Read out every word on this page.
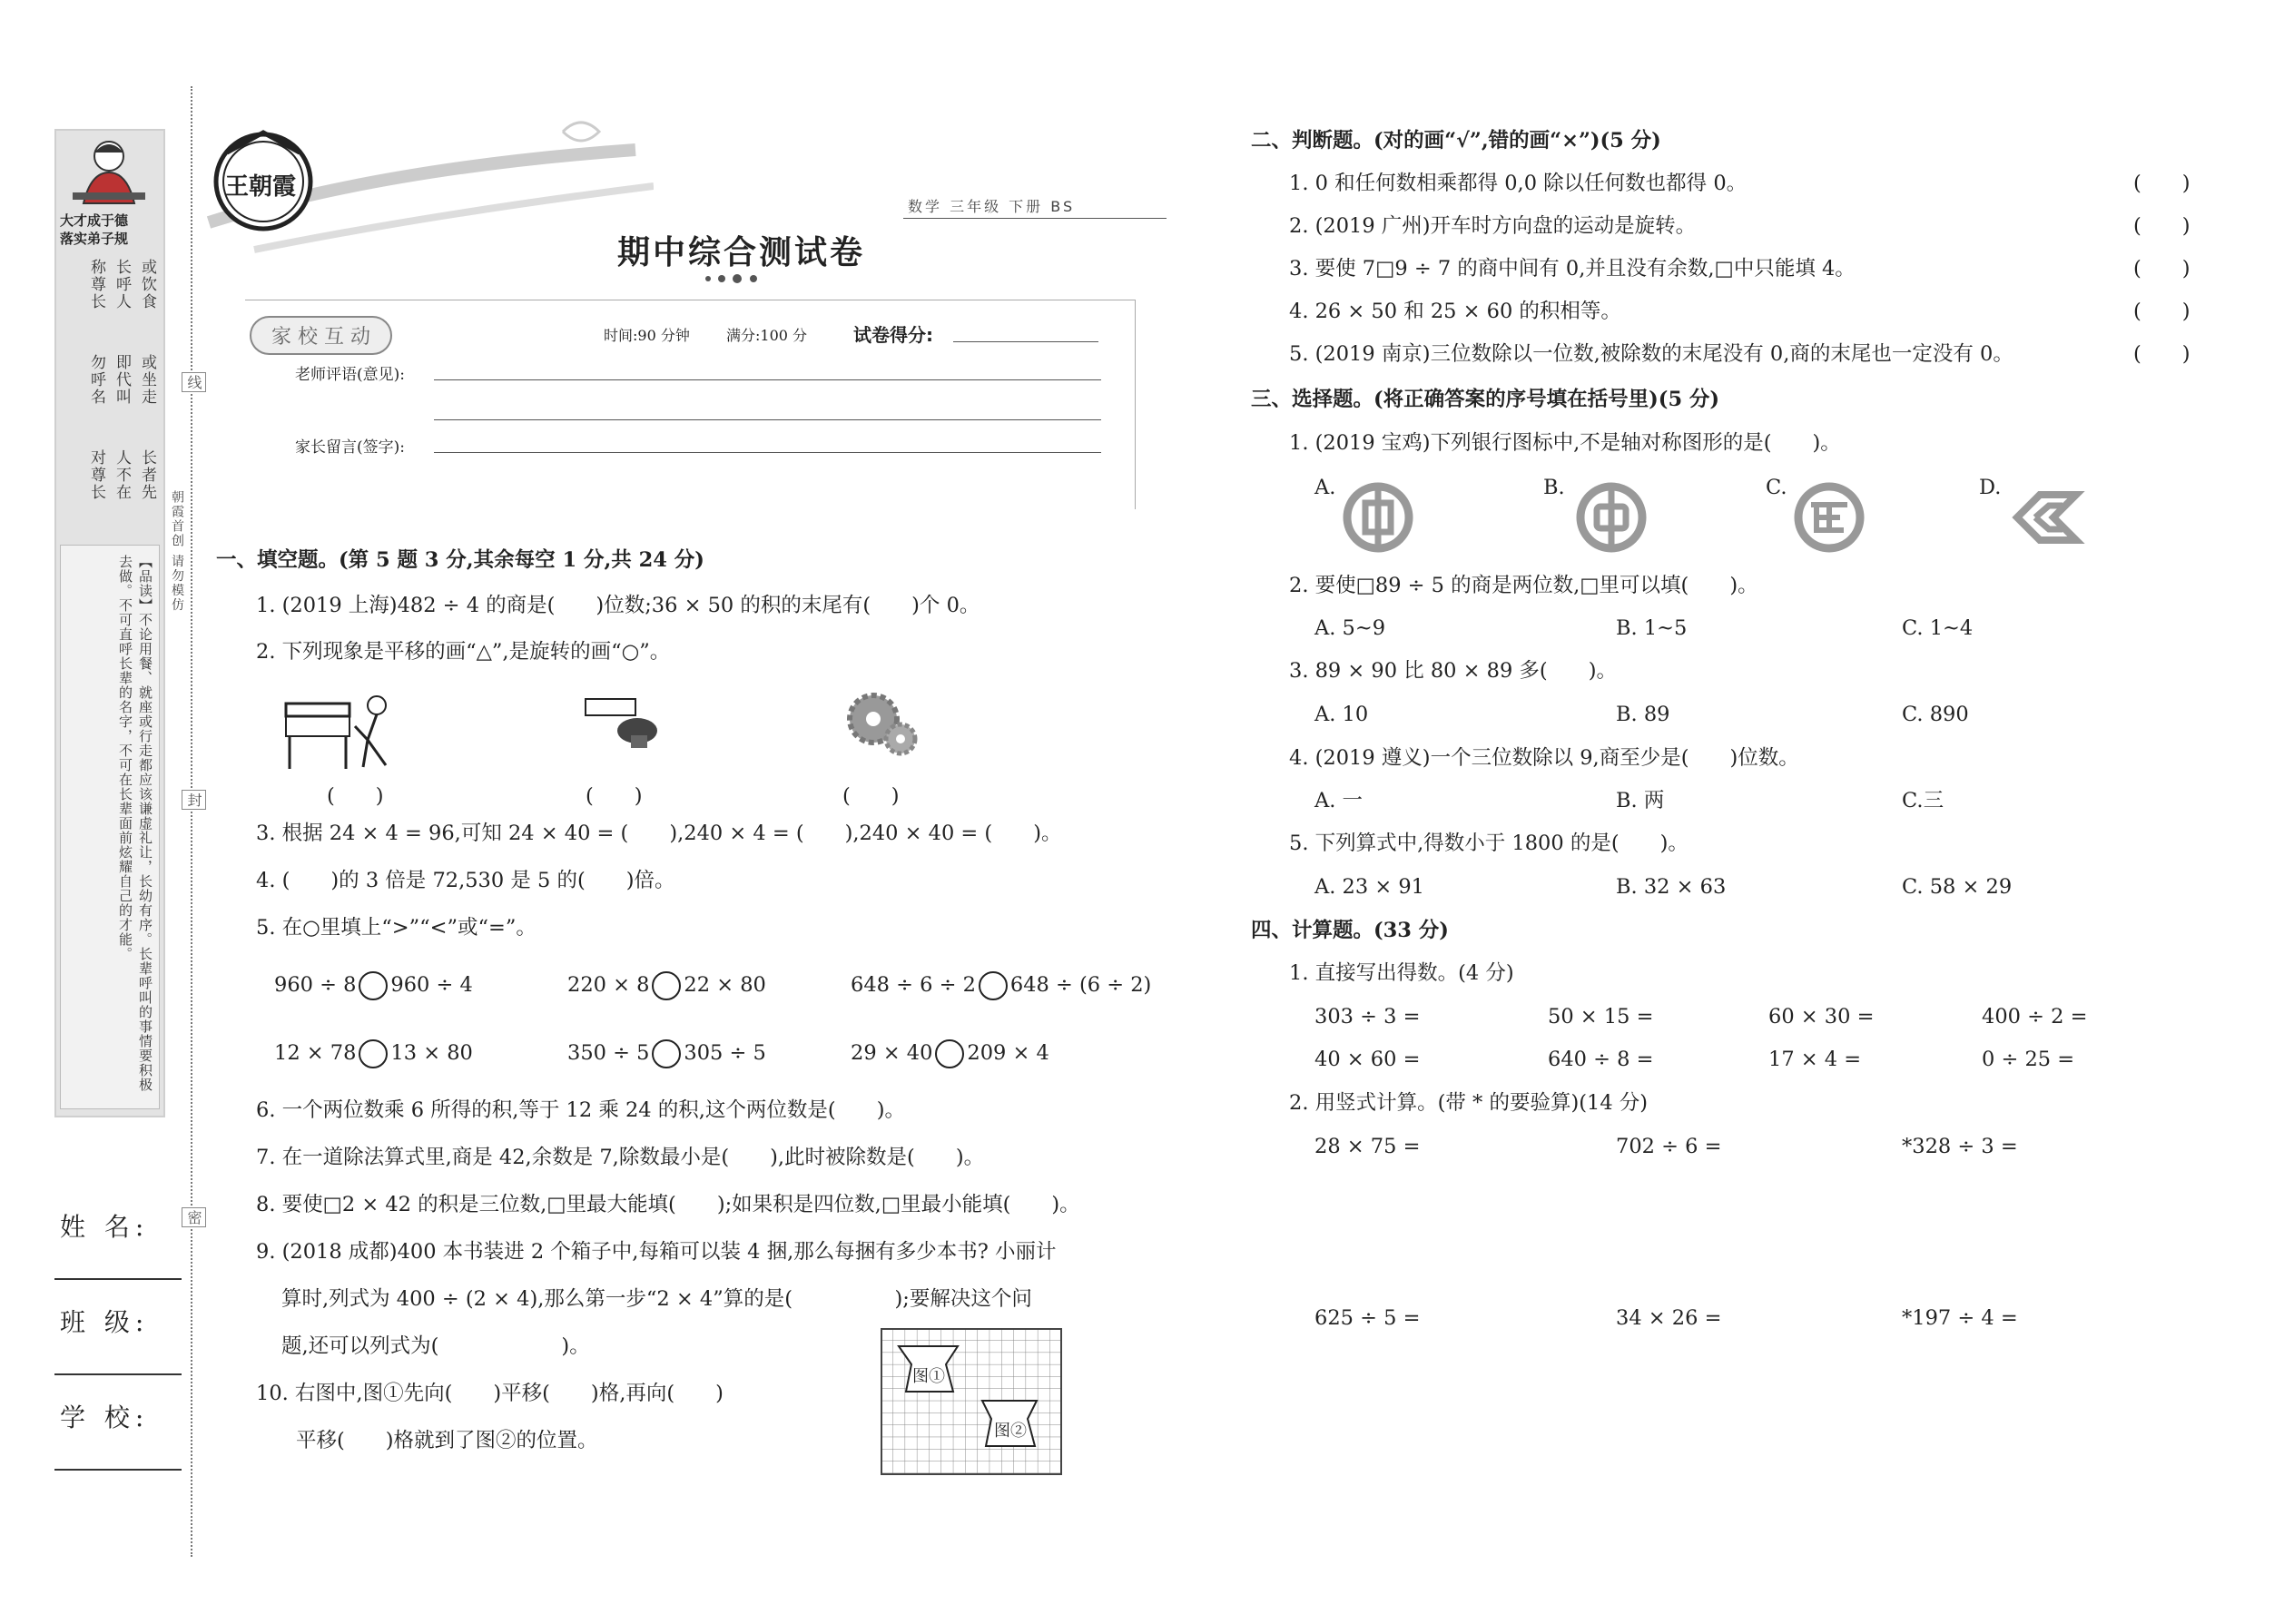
大才成于德
落实弟子规
或饮食
长呼人
称尊长
或坐走
即代叫
勿呼名
长者先
人不在
对尊长
【品读】不论用餐、就座或行走都应该谦虚礼让，长幼有序。长辈呼叫的事情要积极去做。不可直呼长辈的名字，不可在长辈面前炫耀自己的才能。
线
封
密
朝霞首创 请勿模仿
姓 名:
班 级:
学 校:
王朝霞
数学 三年级 下册 BS
期中综合测试卷
家 校 互 动	时间:90 分钟	满分:100 分	试卷得分:
老师评语(意见):
家长留言(签字):
一、填空题。(第 5 题 3 分,其余每空 1 分,共 24 分)
1. (2019 上海)482 ÷ 4 的商是(　　)位数;36 × 50 的积的末尾有(　　)个 0。
2. 下列现象是平移的画“△”,是旋转的画“○”。
(　　)	(　　)	(　　)
3. 根据 24 × 4 = 96,可知 24 × 40 = (　　),240 × 4 = (　　),240 × 40 = (　　)。
4. (　　)的 3 倍是 72,530 是 5 的(　　)倍。
5. 在○里填上“>”“<”或“=”。
960 ÷ 8 960 ÷ 4	220 × 8 22 × 80	648 ÷ 6 ÷ 2 648 ÷ (6 ÷ 2)
12 × 78 13 × 80	350 ÷ 5 305 ÷ 5	29 × 40 209 × 4
6. 一个两位数乘 6 所得的积,等于 12 乘 24 的积,这个两位数是(　　)。
7. 在一道除法算式里,商是 42,余数是 7,除数最小是(　　),此时被除数是(　　)。
8. 要使□2 × 42 的积是三位数,□里最大能填(　　);如果积是四位数,□里最小能填(　　)。
9. (2018 成都)400 本书装进 2 个箱子中,每箱可以装 4 捆,那么每捆有多少本书? 小丽计
算时,列式为 400 ÷ (2 × 4),那么第一步“2 × 4”算的是(　　　　　);要解决这个问
题,还可以列式为(　　　　　　)。
10. 右图中,图①先向(　　)平移(　　)格,再向(　　)
平移(　　)格就到了图②的位置。
图①
图②
二、判断题。(对的画“√”,错的画“×”)(5 分)
1. 0 和任何数相乘都得 0,0 除以任何数也都得 0。	(　　)
2. (2019 广州)开车时方向盘的运动是旋转。	(　　)
3. 要使 7□9 ÷ 7 的商中间有 0,并且没有余数,□中只能填 4。	(　　)
4. 26 × 50 和 25 × 60 的积相等。	(　　)
5. (2019 南京)三位数除以一位数,被除数的末尾没有 0,商的末尾也一定没有 0。	(　　)
三、选择题。(将正确答案的序号填在括号里)(5 分)
1. (2019 宝鸡)下列银行图标中,不是轴对称图形的是(　　)。
A.	B.	C.	D.
2. 要使□89 ÷ 5 的商是两位数,□里可以填(　　)。
A. 5~9	B. 1~5	C. 1~4
3. 89 × 90 比 80 × 89 多(　　)。
A. 10	B. 89	C. 890
4. (2019 遵义)一个三位数除以 9,商至少是(　　)位数。
A. 一	B. 两	C.三
5. 下列算式中,得数小于 1800 的是(　　)。
A. 23 × 91	B. 32 × 63	C. 58 × 29
四、计算题。(33 分)
1. 直接写出得数。(4 分)
303 ÷ 3 =	50 × 15 =	60 × 30 =	400 ÷ 2 =
40 × 60 =	640 ÷ 8 =	17 × 4 =	0 ÷ 25 =
2. 用竖式计算。(带 * 的要验算)(14 分)
28 × 75 =	702 ÷ 6 =	*328 ÷ 3 =
625 ÷ 5 =	34 × 26 =	*197 ÷ 4 =
